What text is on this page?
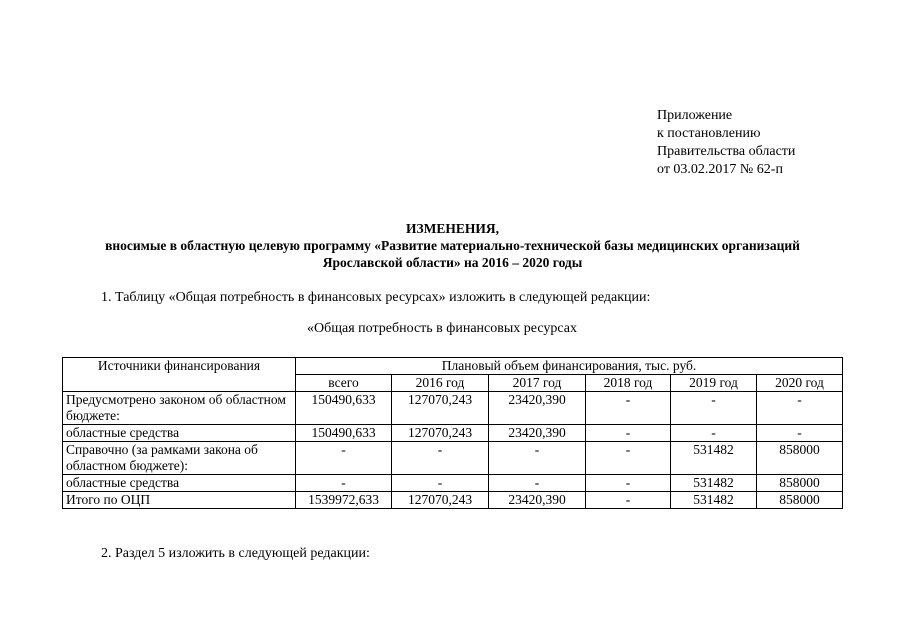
Приложение
к постановлению
Правительства области
от 03.02.2017 № 62-п
ИЗМЕНЕНИЯ,
вносимые в областную целевую программу «Развитие материально-технической базы медицинских организаций
Ярославской области» на 2016 – 2020 годы
1. Таблицу «Общая потребность в финансовых ресурсах» изложить в следующей редакции:
«Общая потребность в финансовых ресурсах
Источники финансирования	Плановый объем финансирования, тыс. руб.					
	всего	2016 год	2017 год	2018 год	2019 год	2020 год
Предусмотрено законом об областном бюджете:	150490,633	127070,243	23420,390	-	-	-
областные средства	150490,633	127070,243	23420,390	-	-	-
Справочно (за рамками закона об областном бюджете):	-	-	-	-	531482	858000
областные средства	-	-	-	-	531482	858000
Итого по ОЦП	1539972,633	127070,243	23420,390	-	531482	858000
2. Раздел 5 изложить в следующей редакции:
